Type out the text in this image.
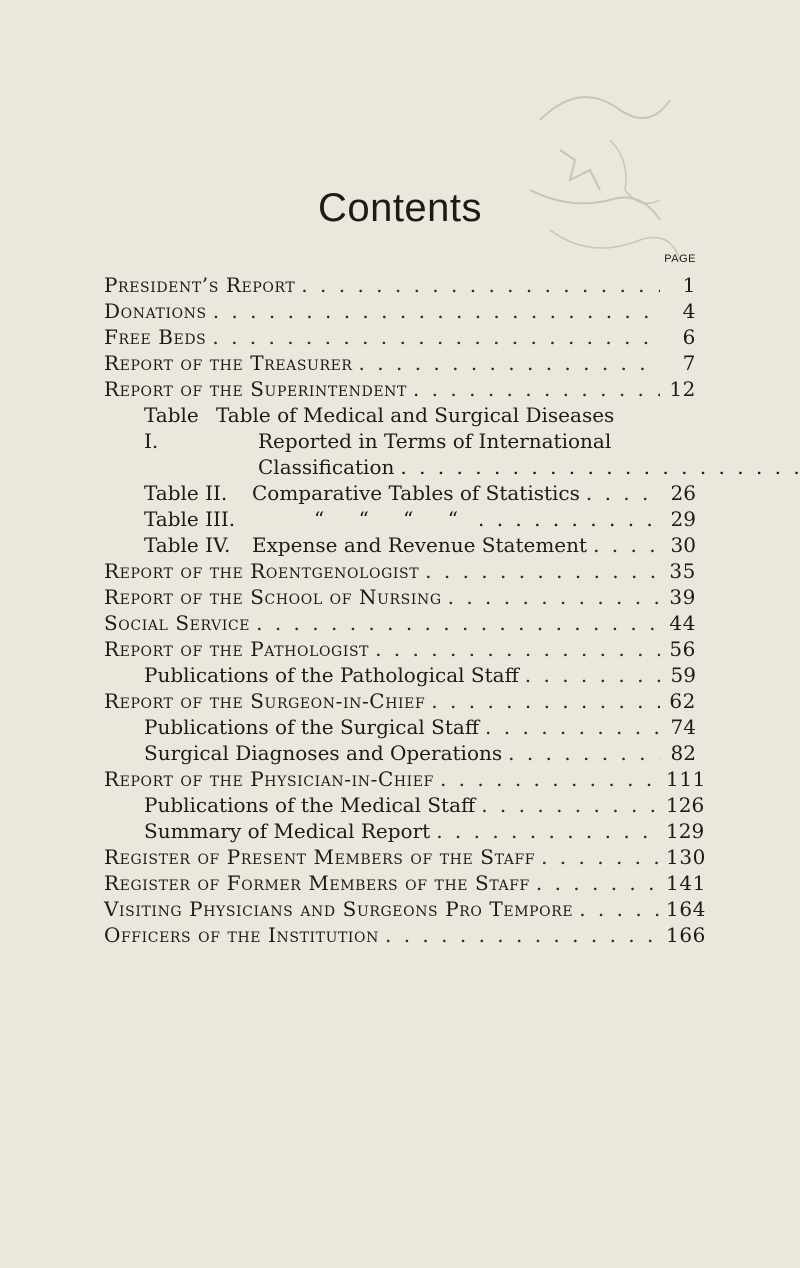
Contents
PAGE
President’s Report . . .	1
Donations . . .	4
Free Beds . . .	6
Report of the Treasurer . . .	7
Report of the Superintendent . . .	12
Table I.
Table of Medical and Surgical Diseases
Reported in Terms of International
Classification
. . .
Table II.	Comparative Tables of Statistics . . .	26
Table III.	“ “ “ “ . . .	29
Table IV.	Expense and Revenue Statement . . .	30
Report of the Roentgenologist . . .	35
Report of the School of Nursing . . .	39
Social Service . . .	44
Report of the Pathologist . . .	56
Publications of the Pathological Staff . . .	59
Report of the Surgeon-in-Chief . . .	62
Publications of the Surgical Staff . . .	74
Surgical Diagnoses and Operations . . .	82
Report of the Physician-in-Chief . . .	111
Publications of the Medical Staff . . .	126
Summary of Medical Report . . .	129
Register of Present Members of the Staff . . .	130
Register of Former Members of the Staff . . .	141
Visiting Physicians and Surgeons Pro Tempore . . .	164
Officers of the Institution . . .	166
